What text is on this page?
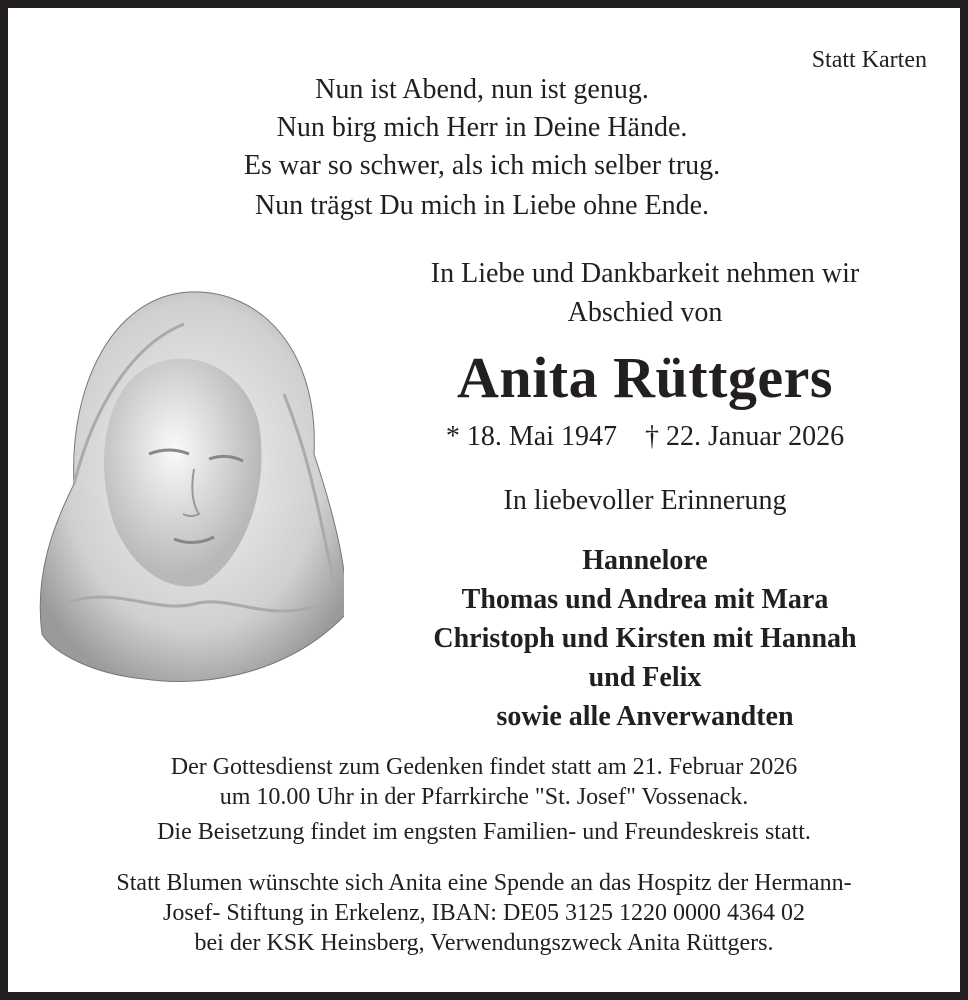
Statt Karten
Nun ist Abend, nun ist genug.
Nun birg mich Herr in Deine Hände.
Es war so schwer, als ich mich selber trug.
Nun trägst Du mich in Liebe ohne Ende.
In Liebe und Dankbarkeit nehmen wir
Abschied von
Anita Rüttgers
* 18. Mai 1947    † 22. Januar 2026
In liebevoller Erinnerung
Hannelore
Thomas und Andrea mit Mara
Christoph und Kirsten mit Hannah
und Felix
sowie alle Anverwandten
Der Gottesdienst zum Gedenken findet statt am 21. Februar 2026
um 10.00 Uhr in der Pfarrkirche "St. Josef" Vossenack.
Die Beisetzung findet im engsten Familien- und Freundeskreis statt.
Statt Blumen wünschte sich Anita eine Spende an das Hospitz der Hermann-
Josef- Stiftung in Erkelenz, IBAN: DE05 3125 1220 0000 4364 02
bei der KSK Heinsberg, Verwendungszweck Anita Rüttgers.
